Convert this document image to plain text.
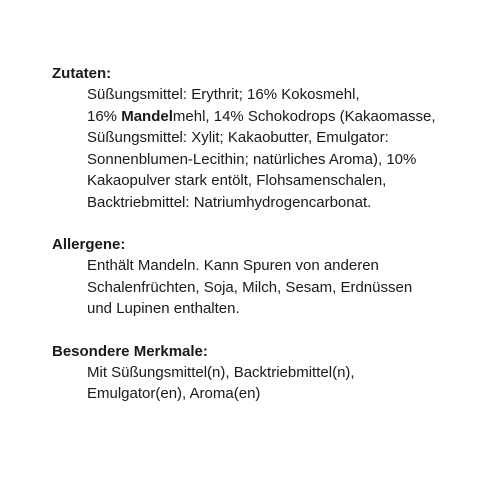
Zutaten:

Süßungsmittel: Erythrit; 16% Kokosmehl,
16% Mandelmehl, 14% Schokodrops (Kakaomasse,
Süßungsmittel: Xylit; Kakaobutter, Emulgator:
Sonnenblumen-Lecithin; natürliches Aroma), 10%
Kakaopulver stark entölt, Flohsamenschalen,
Backtriebmittel: Natriumhydrogencarbonat.

Allergene:

Enthält Mandeln. Kann Spuren von anderen
Schalenfrüchten, Soja, Milch, Sesam, Erdnüssen
und Lupinen enthalten.

Besondere Merkmale:

Mit Süßungsmittel(n), Backtriebmittel(n),
Emulgator(en), Aroma(en)
